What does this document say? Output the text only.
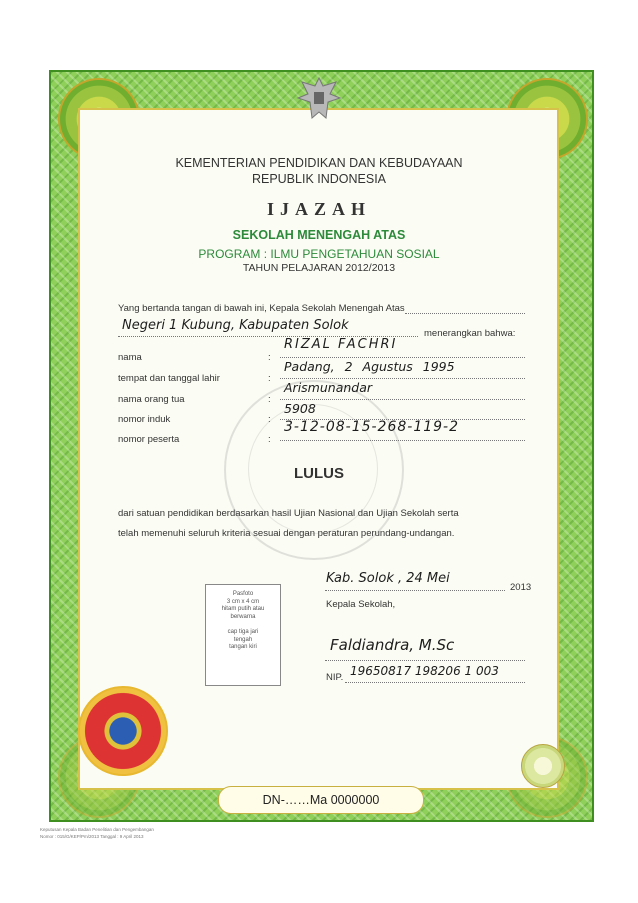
KEMENTERIAN PENDIDIKAN DAN KEBUDAYAAN
REPUBLIK INDONESIA
IJAZAH
SEKOLAH MENENGAH ATAS
PROGRAM : ILMU PENGETAHUAN SOSIAL
TAHUN PELAJARAN 2012/2013
Yang bertanda tangan di bawah ini, Kepala Sekolah Menengah Atas
Negeri 1 Kubung, Kabupaten Solok
menerangkan bahwa:
nama	:
RIZAL FACHRI
tempat dan tanggal lahir	:
Padang, 2 Agustus 1995
nama orang tua	:
Arismunandar
nomor induk	:
5908
nomor peserta	:
3-12-08-15-268-119-2
LULUS
dari satuan pendidikan berdasarkan hasil Ujian Nasional dan Ujian Sekolah serta
telah memenuhi seluruh kriteria sesuai dengan peraturan perundang-undangan.
Pasfoto
3 cm x 4 cm
hitam putih atau
berwarna
cap tiga jari
tengah
tangan kiri
Kab. Solok , 24 Mei
2013
Kepala Sekolah,
Faldiandra, M.Sc
NIP. 19650817 198206 1 003
DN-……Ma 0000000
Keputusan Kepala Badan Penelitian dan Pengembangan
Nomor : 015/G/KEP/Pm/2013 Tanggal : 9 April 2013
